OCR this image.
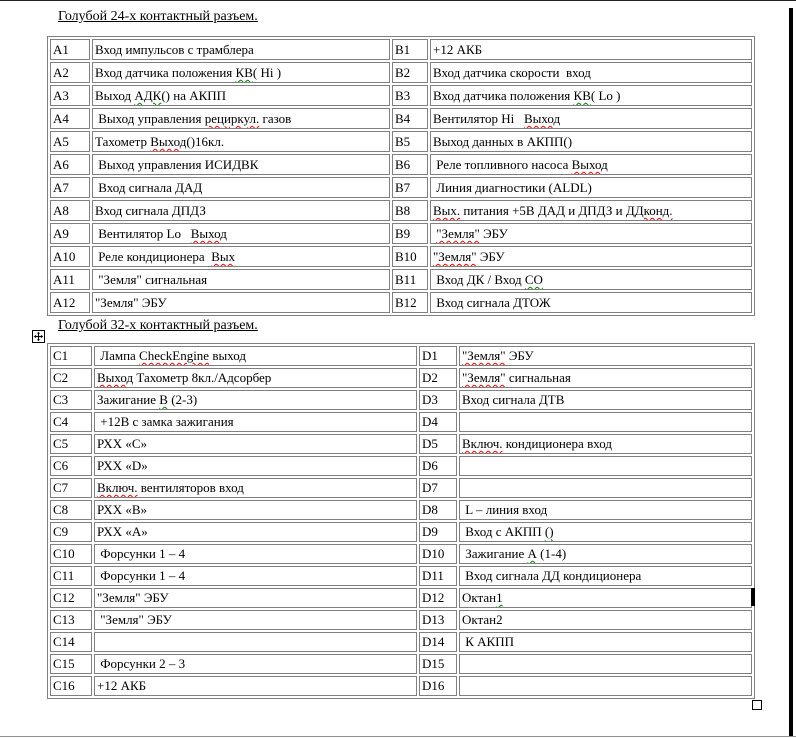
Голубой 24-х контактный разъем.
A1	Вход импульсов с трамблера	B1	+12 АКБ
A2	Вход датчика положения КВ( Hi )	B2	Вход датчика скорости  вход
A3	Выход АДК() на АКПП	B3	Вход датчика положения КВ( Lo )
A4	Выход управления рециркул. газов	B4	Вентилятор Hi   Выход
A5	Тахометр Выход()16кл.	B5	Выход данных в АКПП()
A6	Выход управления ИСИДВК	B6	Реле топливного насоса Выход
A7	Вход сигнала ДАД	B7	Линия диагностики (ALDL)
A8	Вход сигнала ДПДЗ	B8	Вых. питания +5В ДАД и ДПДЗ и ДДконд.
A9	Вентилятор Lo   Выход	B9	"Земля" ЭБУ
A10	Реле кондиционера  Вых	B10	"Земля" ЭБУ
A11	"Земля" сигнальная	B11	Вход ДК / Вход СО
A12	"Земля" ЭБУ	B12	Вход сигнала ДТОЖ
Голубой 32-х контактный разъем.
C1	Лампа CheckEngine выход	D1	"Земля" ЭБУ
C2	Выход Тахометр 8кл./Адсорбер	D2	"Земля" сигнальная
C3	Зажигание В (2-3)	D3	Вход сигнала ДТВ
C4	+12В с замка зажигания	D4	
C5	РХХ «С»	D5	Включ. кондиционера вход
C6	РХХ «D»	D6	
C7	Включ. вентиляторов вход	D7	
C8	РХХ «В»	D8	L – линия вход
C9	РХХ «А»	D9	Вход с АКПП ()
C10	Форсунки 1 – 4	D10	Зажигание А (1-4)
C11	Форсунки 1 – 4	D11	Вход сигнала ДД кондиционера
C12	"Земля" ЭБУ	D12	Октан1
C13	"Земля" ЭБУ	D13	Октан2
C14		D14	К АКПП
C15	Форсунки 2 – 3	D15	
C16	+12 АКБ	D16	
